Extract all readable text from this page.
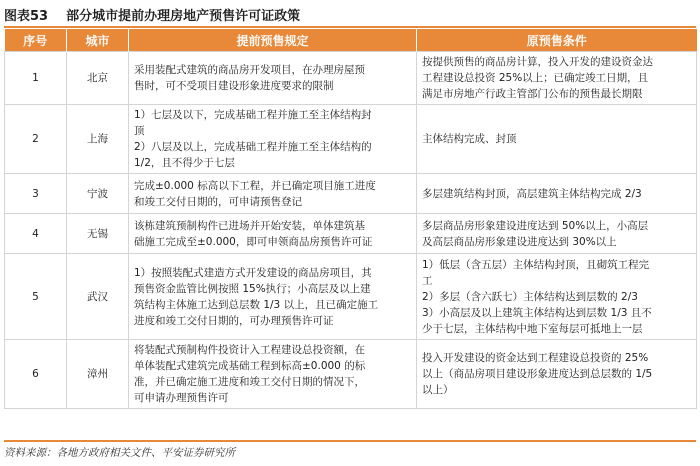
图表53 部分城市提前办理房地产预售许可证政策
序号	城市	提前预售规定	原预售条件
1	北京	采用装配式建筑的商品房开发项目，在办理房屋预
售时，可不受项目建设形象进度要求的限制	按提供预售的商品房计算，投入开发的建设资金达
工程建设总投资 25%以上；已确定竣工日期，且
满足市房地产行政主管部门公布的预售最长期限

2	上海	1）七层及以下，完成基础工程并施工至主体结构封
顶
2）八层及以上，完成基础工程并施工至主体结构的
1/2，且不得少于七层	主体结构完成、封顶

3	宁波	完成±0.000 标高以下工程，并已确定项目施工进度
和竣工交付日期的，可申请预售登记	多层建筑结构封顶，高层建筑主体结构完成 2/3

4	无锡	该栋建筑预制构件已进场并开始安装，单体建筑基
础施工完成至±0.000，即可申领商品房预售许可证	多层商品房形象建设进度达到 50%以上，小高层
及高层商品房形象建设进度达到 30%以上

5	武汉	1）按照装配式建造方式开发建设的商品房项目，其
预售资金监管比例按照 15%执行；小高层及以上建
筑结构主体施工达到总层数 1/3 以上，且已确定施工
进度和竣工交付日期的，可办理预售许可证	1）低层（含五层）主体结构封顶，且砌筑工程完
工
2）多层（含六跃七）主体结构达到层数的 2/3
3）小高层及以上建筑主体结构达到层数 1/3 且不
少于七层，主体结构中地下室每层可抵地上一层

6	漳州	将装配式预制构件投资计入工程建设总投资额，在
单体装配式建筑完成基础工程到标高±0.000 的标
准，并已确定施工进度和竣工交付日期的情况下，
可申请办理预售许可	投入开发建设的资金达到工程建设总投资的 25%
以上（商品房项目建设形象进度达到总层数的 1/5
以上）
资料来源：各地方政府相关文件、平安证券研究所
